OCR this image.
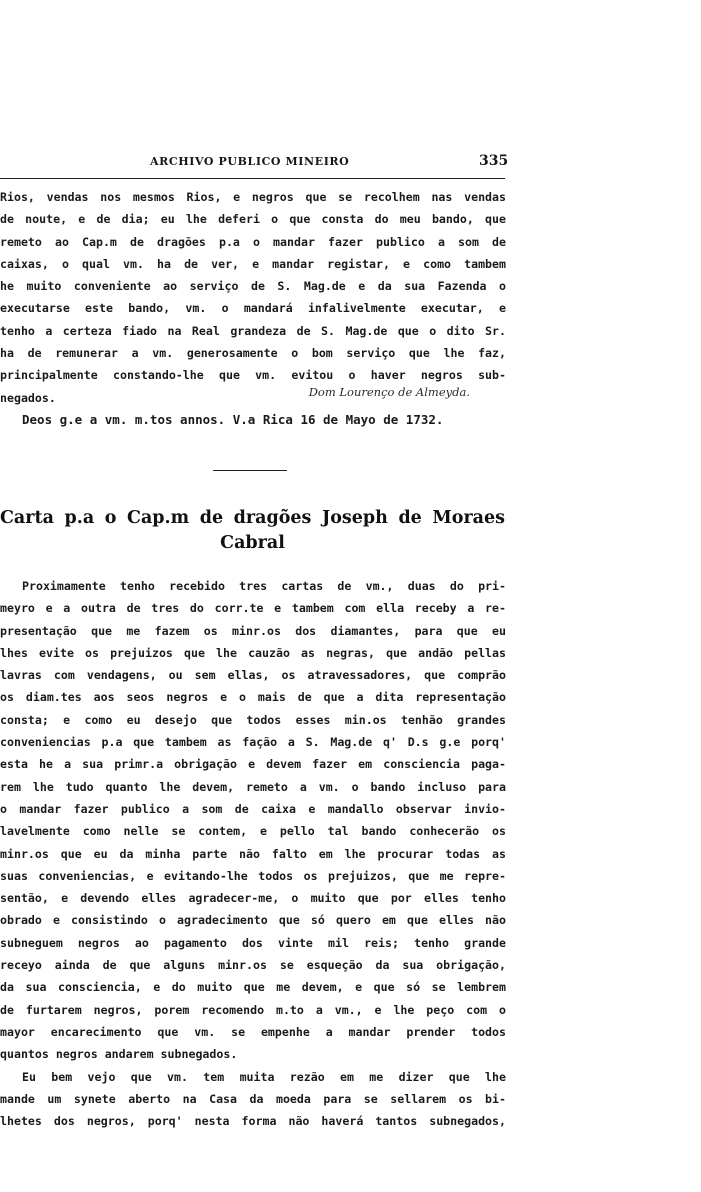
ARCHIVO PUBLICO MINEIRO	335
Rios, vendas nos mesmos Rios, e negros que se recolhem nas vendas
de noute, e de dia; eu lhe deferi o que consta do meu bando, que
remeto ao Cap.m de dragões p.a o mandar fazer publico a som de
caixas, o qual vm. ha de ver, e mandar registar, e como tambem
he muito conveniente ao serviço de S. Mag.de e da sua Fazenda o
executarse este bando, vm. o mandará infalivelmente executar, e
tenho a certeza fiado na Real grandeza de S. Mag.de que o dito Sr.
ha de remunerar a vm. generosamente o bom serviço que lhe faz,
principalmente constando-lhe que vm. evitou o haver negros sub-
negados.
Deos g.e a vm. m.tos annos. V.a Rica 16 de Mayo de 1732.
Dom Lourenço de Almeyda.
Carta p.a o Cap.m de dragões Joseph de Moraes
Cabral
Proximamente tenho recebido tres cartas de vm., duas do pri-
meyro e a outra de tres do corr.te e tambem com ella receby a re-
presentação que me fazem os minr.os dos diamantes, para que eu
lhes evite os prejuizos que lhe cauzão as negras, que andão pellas
lavras com vendagens, ou sem ellas, os atravessadores, que comprão
os diam.tes aos seos negros e o mais de que a dita representação
consta; e como eu desejo que todos esses min.os tenhão grandes
conveniencias p.a que tambem as fação a S. Mag.de q' D.s g.e porq'
esta he a sua primr.a obrigação e devem fazer em consciencia paga-
rem lhe tudo quanto lhe devem, remeto a vm. o bando incluso para
o mandar fazer publico a som de caixa e mandallo observar invio-
lavelmente como nelle se contem, e pello tal bando conhecerão os
minr.os que eu da minha parte não falto em lhe procurar todas as
suas conveniencias, e evitando-lhe todos os prejuizos, que me repre-
sentão, e devendo elles agradecer-me, o muito que por elles tenho
obrado e consistindo o agradecimento que só quero em que elles não
subneguem negros ao pagamento dos vinte mil reis; tenho grande
receyo ainda de que alguns minr.os se esqueção da sua obrigação,
da sua consciencia, e do muito que me devem, e que só se lembrem
de furtarem negros, porem recomendo m.to a vm., e lhe peço com o
mayor encarecimento que vm. se empenhe a mandar prender todos
quantos negros andarem subnegados.
Eu bem vejo que vm. tem muita rezão em me dizer que lhe
mande um synete aberto na Casa da moeda para se sellarem os bi-
lhetes dos negros, porq' nesta forma não haverá tantos subnegados,
